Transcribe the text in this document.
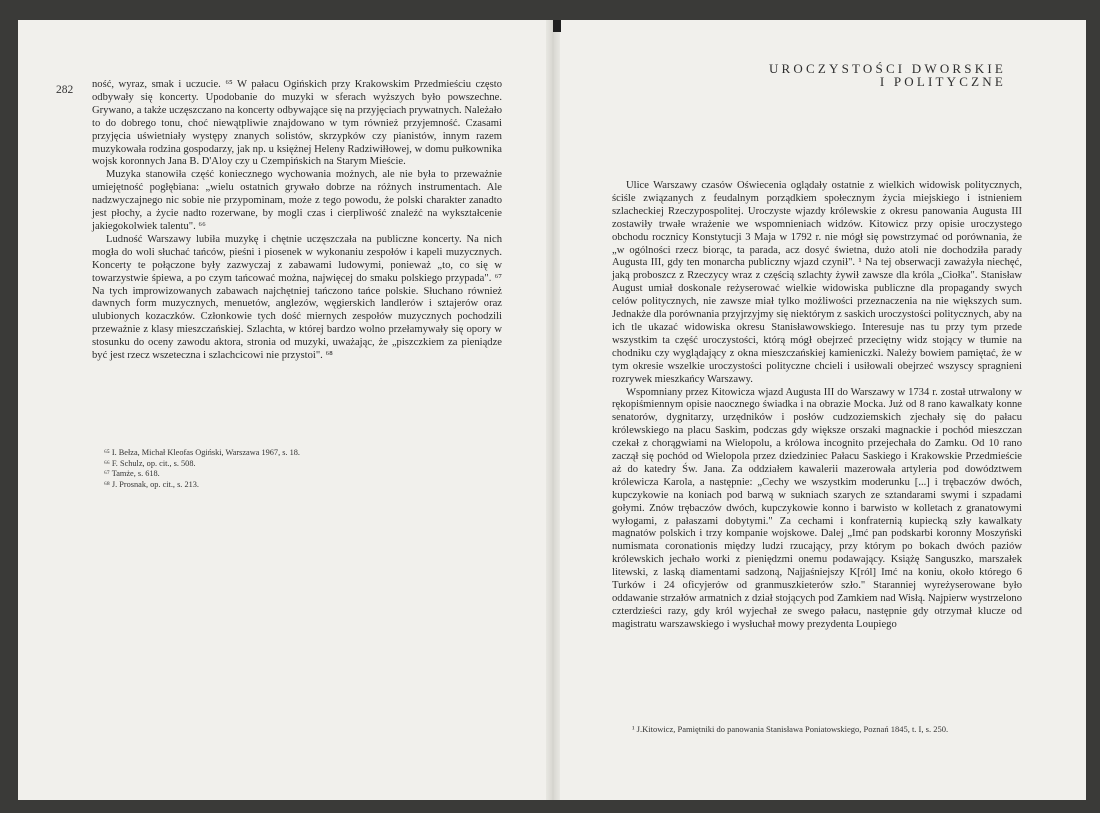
282 ność, wyraz, smak i uczucie. ⁶⁵ W pałacu Ogińskich przy Krakowskim Przedmieściu często odbywały się koncerty. Upodobanie do muzyki w sferach wyższych było powszechne. Grywano, a także uczęszczano na koncerty odbywające się na przyjęciach prywatnych. Należało to do dobrego tonu, choć niewątpliwie znajdowano w tym również przyjemność. Czasami przyjęcia uświetniały występy znanych solistów, skrzypków czy pianistów, innym razem muzykowała rodzina gospodarzy, jak np. u księżnej Heleny Radziwiłłowej, w domu pułkownika wojsk koronnych Jana B. D'Aloy czy u Czempińskich na Starym Mieście.

Muzyka stanowiła część koniecznego wychowania możnych, ale nie była to przeważnie umiejętność pogłębiana: „wielu ostatnich grywało dobrze na różnych instrumentach. Ale nadzwyczajnego nic sobie nie przypominam, może z tego powodu, że polski charakter zanadto jest płochy, a życie nadto rozerwane, by mogli czas i cierpliwość znaleźć na wykształcenie jakiegokolwiek talentu". ⁶⁶

Ludność Warszawy lubiła muzykę i chętnie uczęszczała na publiczne koncerty. Na nich mogła do woli słuchać tańców, pieśni i piosenek w wykonaniu zespołów i kapeli muzycznych. Koncerty te połączone były zazwyczaj z zabawami ludowymi, ponieważ „to, co się w towarzystwie śpiewa, a po czym tańcować można, najwięcej do smaku polskiego przypada". ⁶⁷ Na tych improwizowanych zabawach najchętniej tańczono tańce polskie. Słuchano również dawnych form muzycznych, menuetów, anglezów, węgierskich landlerów i sztajerów oraz ulubionych kozaczków. Członkowie tych dość miernych zespołów muzycznych pochodzili przeważnie z klasy mieszczańskiej. Szlachta, w której bardzo wolno przełamywały się opory w stosunku do oceny zawodu aktora, stronia od muzyki, uważając, że „piszczkiem za pieniądze być jest rzecz wszeteczna i szlachcicowi nie przystoi". ⁶⁸

⁶⁵ I. Bełza, Michał Kleofas Ogiński, Warszawa 1967, s. 18.
⁶⁶ F. Schulz, op. cit., s. 508.
⁶⁷ Tamże, s. 618.
⁶⁸ J. Prosnak, op. cit., s. 213.
UROCZYSTOŚCI DWORSKIE
I POLITYCZNE

Ulice Warszawy czasów Oświecenia oglądały ostatnie z wielkich widowisk politycznych, ściśle związanych z feudalnym porządkiem społecznym życia miejskiego i istnieniem szlacheckiej Rzeczypospolitej. Uroczyste wjazdy królewskie z okresu panowania Augusta III zostawiły trwałe wrażenie we wspomnieniach widzów. Kitowicz przy opisie uroczystego obchodu rocznicy Konstytucji 3 Maja w 1792 r. nie mógł się powstrzymać od porównania, że „w ogólności rzecz biorąc, ta parada, acz dosyć świetna, dużo atoli nie dochodziła parady Augusta III, gdy ten monarcha publiczny wjazd czynił". ¹ Na tej obserwacji zaważyła niechęć, jaką proboszcz z Rzeczycy wraz z częścią szlachty żywił zawsze dla króla „Ciołka". Stanisław August umiał doskonale reżyserować wielkie widowiska publiczne dla propagandy swych celów politycznych, nie zawsze miał tylko możliwości przeznaczenia na nie większych sum. Jednakże dla porównania przyjrzyjmy się niektórym z saskich uroczystości politycznych, aby na ich tle ukazać widowiska okresu Stanisławowskiego. Interesuje nas tu przy tym przede wszystkim ta część uroczystości, którą mógł obejrzeć przeciętny widz stojący w tłumie na chodniku czy wyglądający z okna mieszczańskiej kamieniczki. Należy bowiem pamiętać, że w tym okresie wszelkie uroczystości polityczne chcieli i usiłowali obejrzeć wszyscy spragnieni rozrywek mieszkańcy Warszawy.

Wspomniany przez Kitowicza wjazd Augusta III do Warszawy w 1734 r. został utrwalony w rękopiśmiennym opisie naocznego świadka i na obrazie Mocka. Już od 8 rano kawalkaty konne senatorów, dygnitarzy, urzędników i posłów cudzoziemskich zjechały się do pałacu królewskiego na placu Saskim, podczas gdy większe orszaki magnackie i pochód mieszczan czekał z chorągwiami na Wielopolu, a królowa incognito przejechała do Zamku. Od 10 rano zaczął się pochód od Wielopola przez dziedziniec Pałacu Saskiego i Krakowskie Przedmieście aż do katedry Św. Jana. Za oddziałem kawalerii mazerowała artyleria pod dowództwem królewicza Karola, a następnie: „Cechy we wszystkim moderunku [...] i trębaczów dwóch, kupczykowie na koniach pod barwą w sukniach szarych ze sztandarami swymi i szpadami gołymi. Znów trębaczów dwóch, kupczykowie konno i barwisto w kolletach z granatowymi wyłogami, z pałaszami dobytymi." Za cechami i konfraternią kupiecką szły kawalkaty magnatów polskich i trzy kompanie wojskowe. Dalej „Imć pan podskarbi koronny Moszyński numismata coronationis między ludzi rzucający, przy którym po bokach dwóch paziów królewskich jechało worki z pieniędzmi onemu podawający. Książę Sanguszko, marszałek litewski, z laską diamentami sadzoną, Najjaśniejszy K[ról] Imć na koniu, około którego 6 Turków i 24 oficyjerów od granmuszkieterów szło." Staranniej wyreżyserowane było oddawanie strzałów armatnich z dział stojących pod Zamkiem nad Wisłą. Najpierw wystrzelono czterdzieści razy, gdy król wyjechał ze swego pałacu, następnie gdy otrzymał klucze od magistratu warszawskiego i wysłuchał mowy prezydenta Loupiego

¹ J.Kitowicz, Pamiętniki do panowania Stanisława Poniatowskiego, Poznań 1845, t. I, s. 250.
